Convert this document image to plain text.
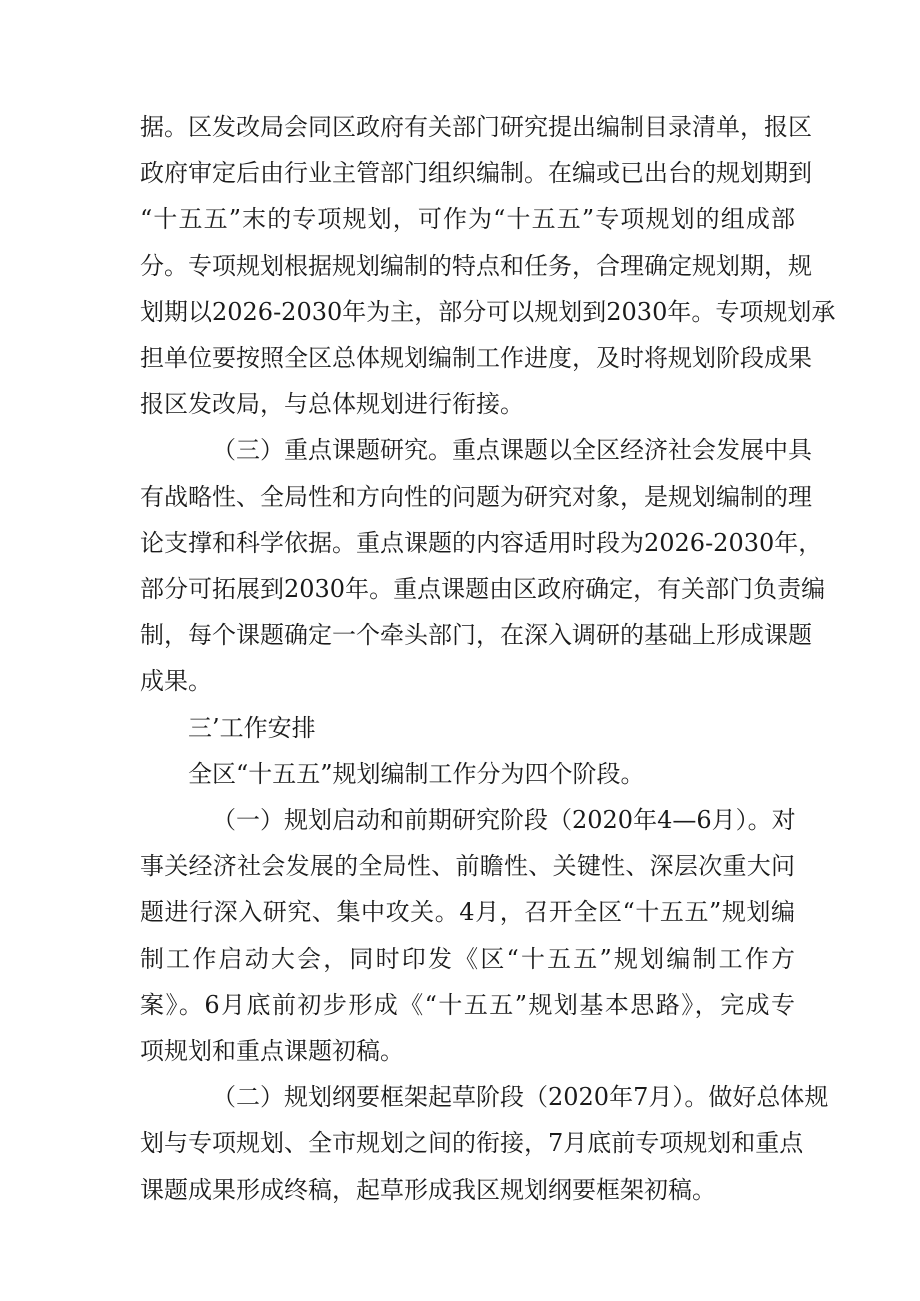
据。区发改局会同区政府有关部门研究提出编制目录清单，报区
政府审定后由行业主管部门组织编制。在编或已出台的规划期到
“十五五”末的专项规划，可作为“十五五”专项规划的组成部
分。专项规划根据规划编制的特点和任务，合理确定规划期，规
划期以2026-2030年为主，部分可以规划到2030年。专项规划承
担单位要按照全区总体规划编制工作进度，及时将规划阶段成果
报区发改局，与总体规划进行衔接。

（三）重点课题研究。重点课题以全区经济社会发展中具
有战略性、全局性和方向性的问题为研究对象，是规划编制的理
论支撑和科学依据。重点课题的内容适用时段为2026-2030年，
部分可拓展到2030年。重点课题由区政府确定，有关部门负责编
制，每个课题确定一个牵头部门，在深入调研的基础上形成课题
成果。

三’工作安排

全区“十五五”规划编制工作分为四个阶段。

（一）规划启动和前期研究阶段（2020年4—6月）。对
事关经济社会发展的全局性、前瞻性、关键性、深层次重大问
题进行深入研究、集中攻关。4月，召开全区“十五五”规划编
制工作启动大会，同时印发《区“十五五”规划编制工作方
案》。6月底前初步形成《“十五五”规划基本思路》，完成专
项规划和重点课题初稿。

（二）规划纲要框架起草阶段（2020年7月）。做好总体规
划与专项规划、全市规划之间的衔接，7月底前专项规划和重点
课题成果形成终稿，起草形成我区规划纲要框架初稿。
